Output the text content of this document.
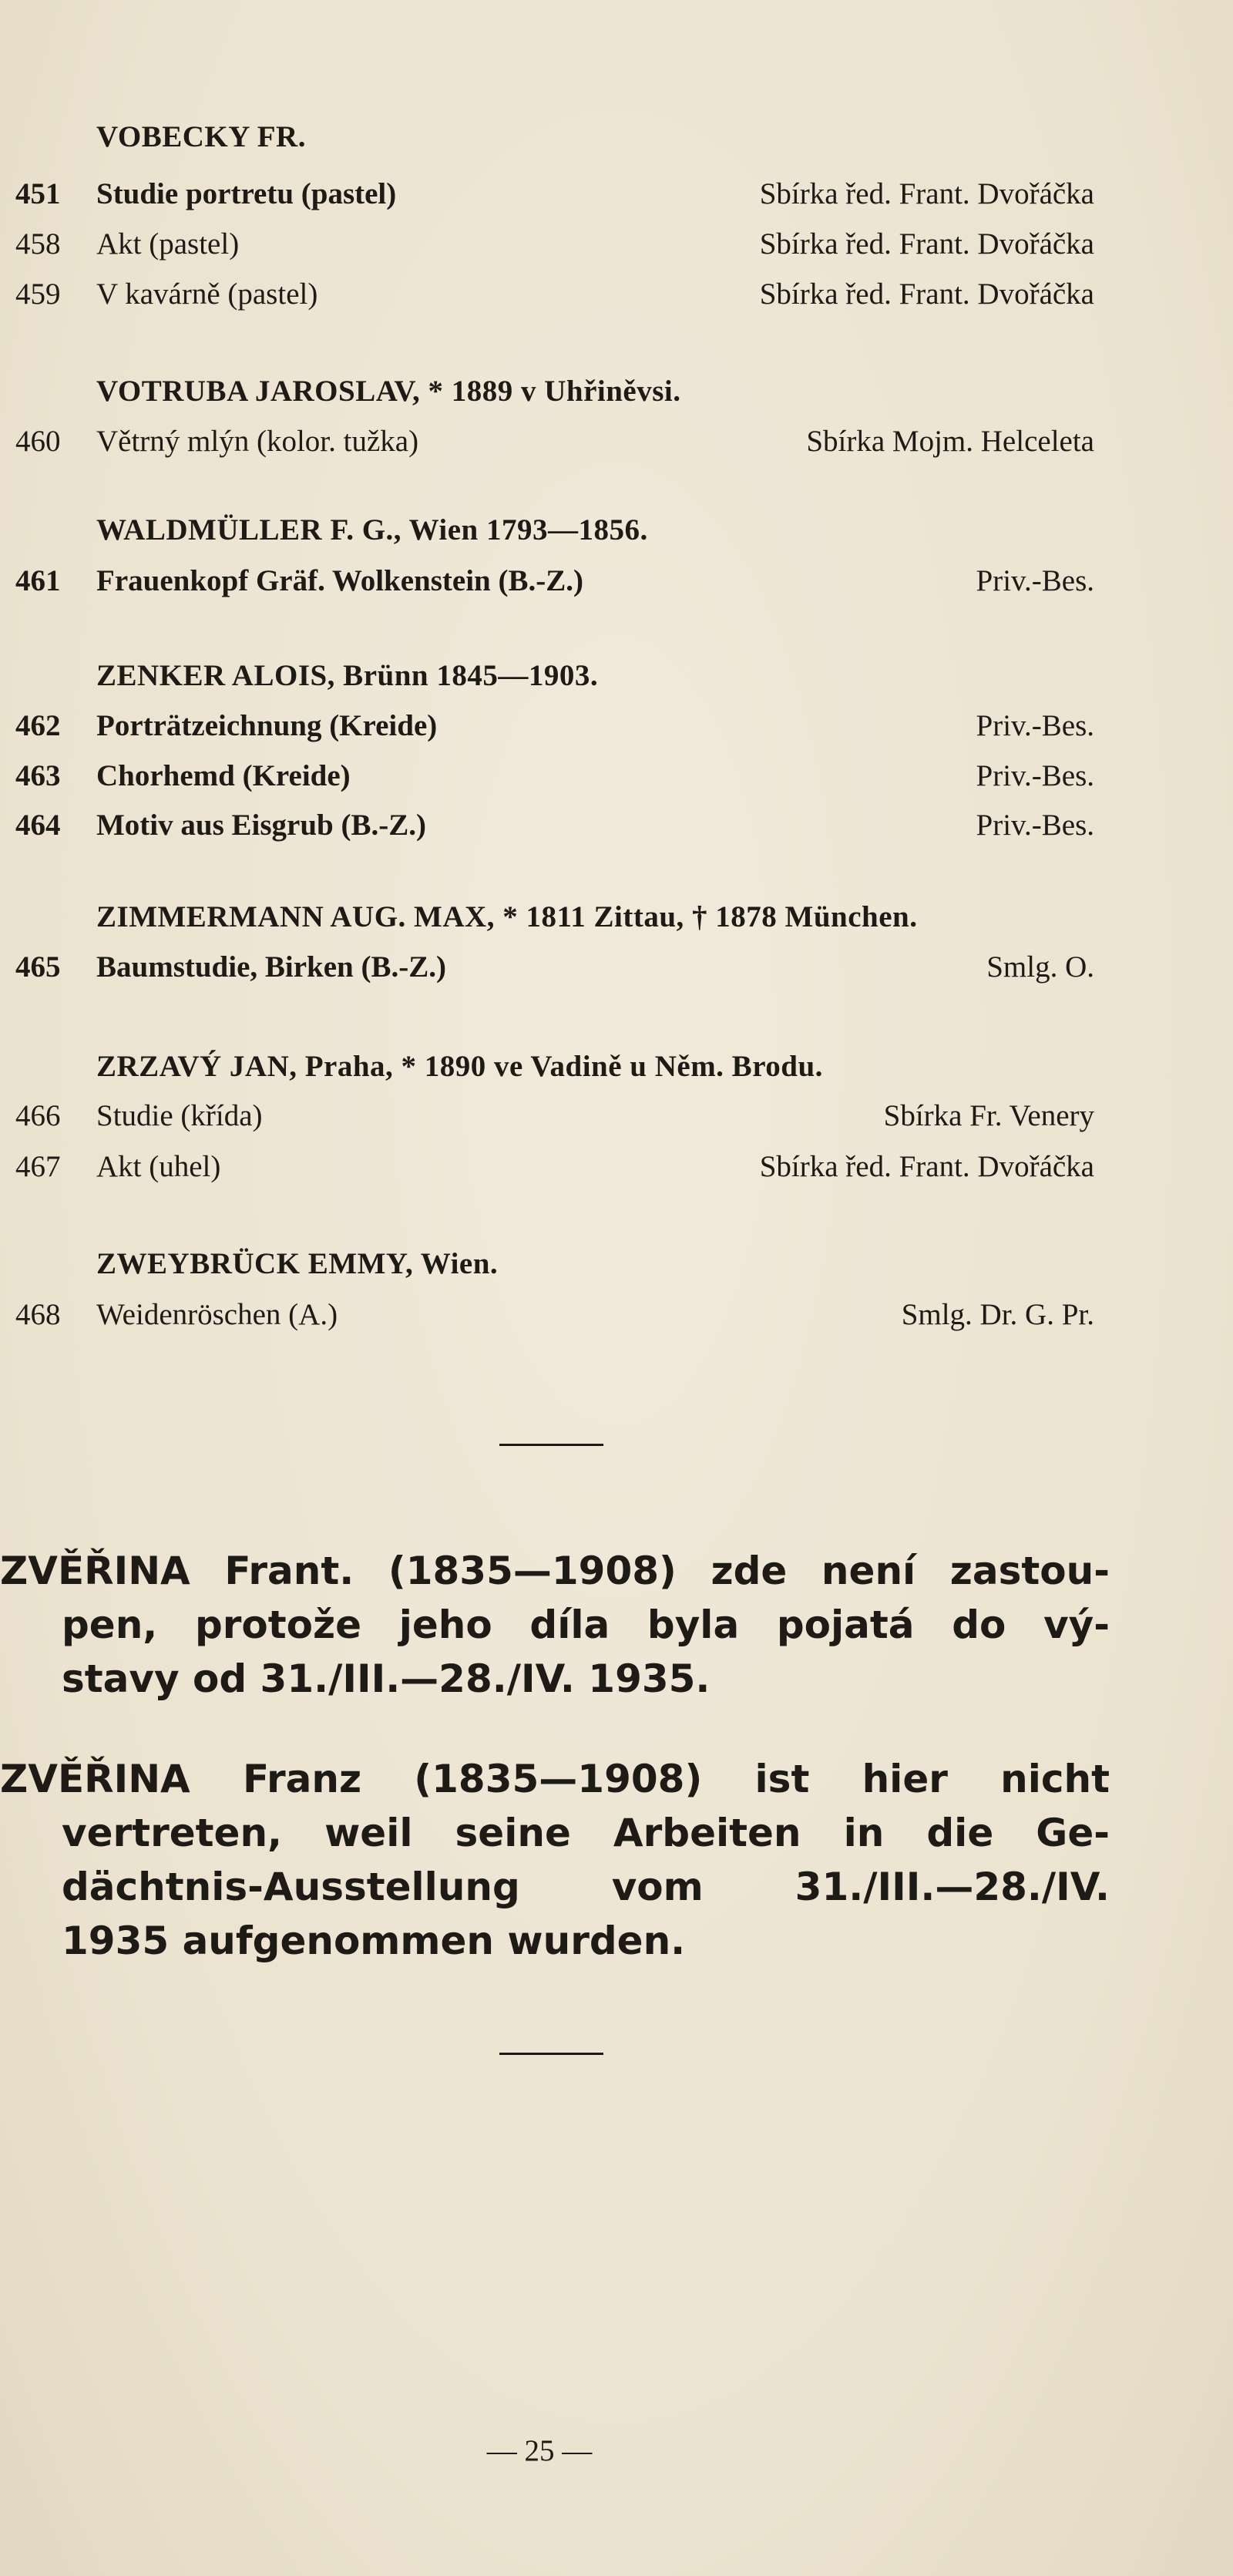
VOBECKY FR.
451 Studie portretu (pastel)	Sbírka řed. Frant. Dvořáčka
458 Akt (pastel)	Sbírka řed. Frant. Dvořáčka
459 V kavárně (pastel)	Sbírka řed. Frant. Dvořáčka
VOTRUBA JAROSLAV, * 1889 v Uhřiněvsi.
460 Větrný mlýn (kolor. tužka)	Sbírka Mojm. Helceleta
WALDMÜLLER F. G., Wien 1793—1856.
461 Frauenkopf Gräf. Wolkenstein (B.-Z.)	Priv.-Bes.
ZENKER ALOIS, Brünn 1845—1903.
462 Porträtzeichnung (Kreide)	Priv.-Bes.
463 Chorhemd (Kreide)	Priv.-Bes.
464 Motiv aus Eisgrub (B.-Z.)	Priv.-Bes.
ZIMMERMANN AUG. MAX, * 1811 Zittau, † 1878 München.
465 Baumstudie, Birken (B.-Z.)	Smlg. O.
ZRZAVÝ JAN, Praha, * 1890 ve Vadině u Něm. Brodu.
466 Studie (křída)	Sbírka Fr. Venery
467 Akt (uhel)	Sbírka řed. Frant. Dvořáčka
ZWEYBRÜCK EMMY, Wien.
468 Weidenröschen (A.)	Smlg. Dr. G. Pr.
ZVĚŘINA Frant. (1835—1908) zde není zastou-
pen, protože jeho díla byla pojatá do vý-
stavy od 31./III.—28./IV. 1935.
ZVĚŘINA Franz (1835—1908) ist hier nicht
vertreten, weil seine Arbeiten in die Ge-
dächtnis-Ausstellung vom 31./III.—28./IV.
1935 aufgenommen wurden.
— 25 —
